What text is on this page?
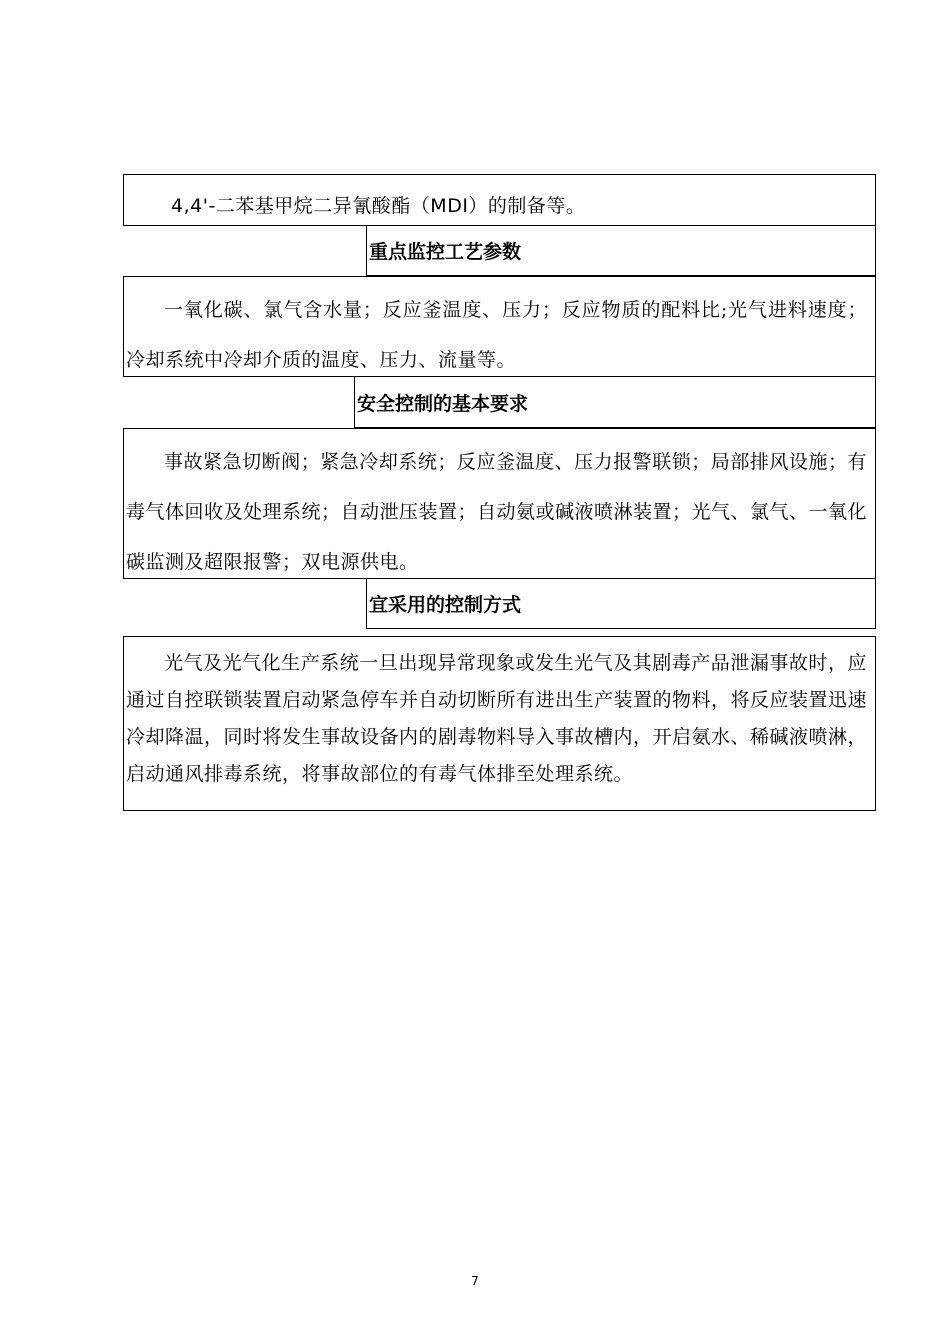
4,4'-二苯基甲烷二异氰酸酯（MDI）的制备等。

重点监控工艺参数

一氧化碳、氯气含水量；反应釜温度、压力；反应物质的配料比;光气进料速度；冷却系统中冷却介质的温度、压力、流量等。

安全控制的基本要求

事故紧急切断阀；紧急冷却系统；反应釜温度、压力报警联锁；局部排风设施；有毒气体回收及处理系统；自动泄压装置；自动氨或碱液喷淋装置；光气、氯气、一氧化碳监测及超限报警；双电源供电。

宜采用的控制方式

光气及光气化生产系统一旦出现异常现象或发生光气及其剧毒产品泄漏事故时，应通过自控联锁装置启动紧急停车并自动切断所有进出生产装置的物料，将反应装置迅速冷却降温，同时将发生事故设备内的剧毒物料导入事故槽内，开启氨水、稀碱液喷淋，启动通风排毒系统，将事故部位的有毒气体排至处理系统。

7
